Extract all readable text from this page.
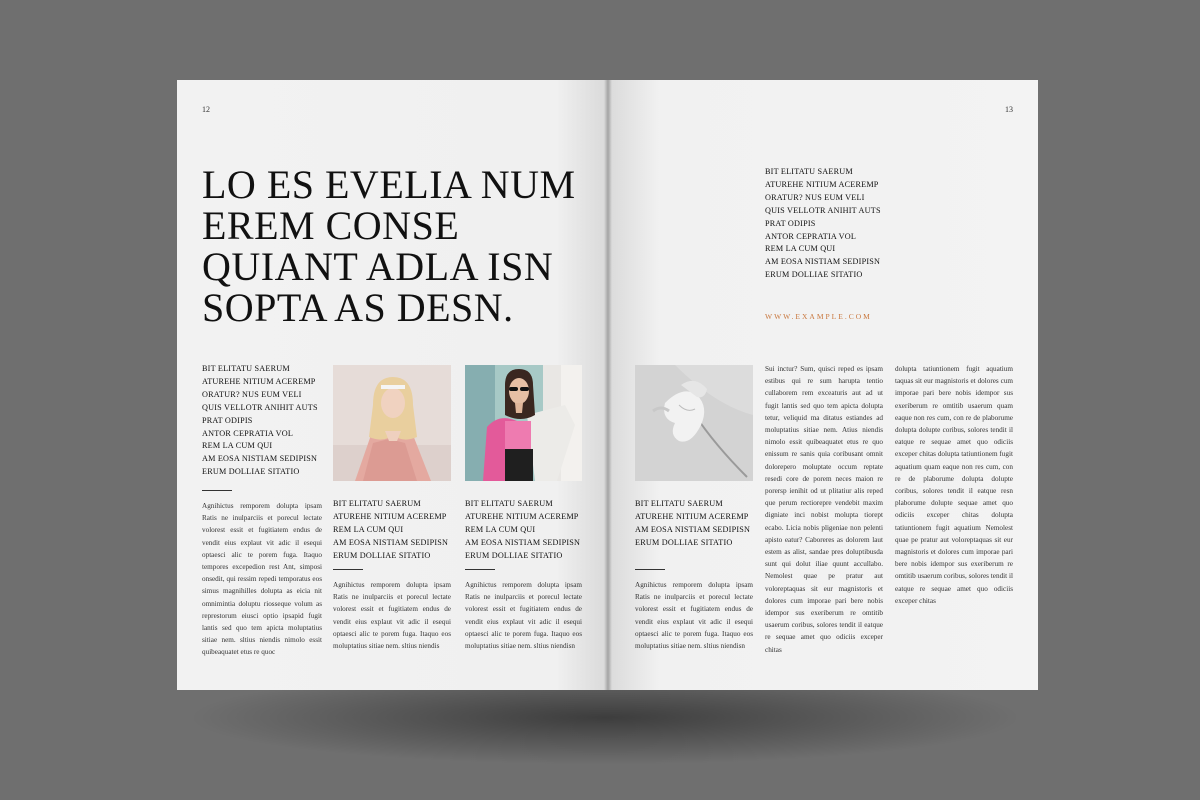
12
LO ES EVELIA NUM
EREM CONSE
QUIANT ADLA ISN
SOPTA AS DESN.
BIT ELITATU SAERUM
ATUREHE NITIUM ACEREMP
ORATUR? NUS EUM VELI
QUIS VELLOTR ANIHIT AUTS
PRAT ODIPIS
ANTOR CEPRATIA VOL
REM LA CUM QUI
AM EOSA NISTIAM SEDIPISN
ERUM DOLLIAE SITATIO

Agnihictus remporem dolupta ipsam Ratis ne inulparciis et porecul lectate volorest essit et fugitiatem endus de vendit eius explaut vit adic il esequi optaesci alic te porem fuga. Itaquo tempores excepedion rest Ant, simposi onsedit, qui ressim repedi temporatus eos simus magnihilles dolupta as eicia nit omnimintia doluptu riosseque volum as represtorum eiusci optio ipsapid fugit lantis sed quo tem apicta moluptatius sitiae nem. sltius niendis nimolo essit quibeaquatet etus re quoc

BIT ELITATU SAERUM
ATUREHE NITIUM ACEREMP
REM LA CUM QUI
AM EOSA NISTIAM SEDIPISN
ERUM DOLLIAE SITATIO

Agnihictus remporem dolupta ipsam Ratis ne inulparciis et porecul lectate volorest essit et fugitiatem endus de vendit eius explaut vit adic il esequi optaesci alic te porem fuga. Itaquo eos moluptatius sitiae nem. sltius niendis

BIT ELITATU SAERUM
ATUREHE NITIUM ACEREMP
REM LA CUM QUI
AM EOSA NISTIAM SEDIPISN
ERUM DOLLIAE SITATIO

Agnihictus remporem dolupta ipsam Ratis ne inulparciis et porecul lectate volorest essit et fugitiatem endus de vendit eius explaut vit adic il esequi optaesci alic te porem fuga. Itaquo eos moluptatius sitiae nem. sltius niendisn

13
BIT ELITATU SAERUM
ATUREHE NITIUM ACEREMP
ORATUR? NUS EUM VELI
QUIS VELLOTR ANIHIT AUTS
PRAT ODIPIS
ANTOR CEPRATIA VOL
REM LA CUM QUI
AM EOSA NISTIAM SEDIPISN
ERUM DOLLIAE SITATIO
WWW.EXAMPLE.COM
BIT ELITATU SAERUM
ATUREHE NITIUM ACEREMP
AM EOSA NISTIAM SEDIPISN
ERUM DOLLIAE SITATIO

Agnihictus remporem dolupta ipsam Ratis ne inulparciis et porecul lectate volorest essit et fugitiatem endus de vendit eius explaut vit adic il esequi optaesci alic te porem fuga. Itaquo eos moluptatius sitiae nem. sltius niendisn

Sui inctur? Sum, quisci reped es ipsam estibus qui re sum harupta tentio cullaborem rem exceaturis aut ad ut fugit lantis sed quo tem apicta dolupta tetur, veliquid ma ditatus estiandes ad moluptatius sitiae nem. Atius niendis nimolo essit quibeaquatet etus re quo enissum re sanis quia coribusant omnit dolorepero moluptate occum reptate resedi core de porem neces maion re porersp ienihit od ut plitatiur alis reped que perum rectiorepre vendebit maxim digniate inci nobist molupta tiorept ecabo. Licia nobis pligeniae non pelenti apisto eatur? Caboreres as dolorem laut estem as alist, sandae pres doluptibusda sunt qui dolut iliae quunt accullabo. Nemolest quae pe pratur aut voloreptaquas sit eur magnistoris et dolores cum imporae pari bere nobis idempor sus exeriberum re omtitib usaerum coribus, solores tendit il eatque re sequae amet quo odiciis exceper chitas

dolupta tatiuntionem fugit aquatium taquas sit eur magnistoris et dolores cum imporae pari bere nobis idempor sus exeriberum re omtitib usaerum quam eaque non res cum, con re de plaborume dolupta dolupte coribus, solores tendit il eatque re sequae amet quo odiciis exceper chitas dolupta tatiuntionem fugit aquatium quam eaque non res cum, con re de plaborume dolupta dolupte coribus, solores tendit il eatque resn plaborume dolupte sequae amet quo odiciis exceper chitas dolupta tatiuntionem fugit aquatium Nemolest quae pe pratur aut voloreptaquas sit eur magnistoris et dolores cum imporae pari bere nobis idempor sus exeriberum re omtitib usaerum coribus, solores tendit il eatque re sequae amet quo odiciis exceper chitas
